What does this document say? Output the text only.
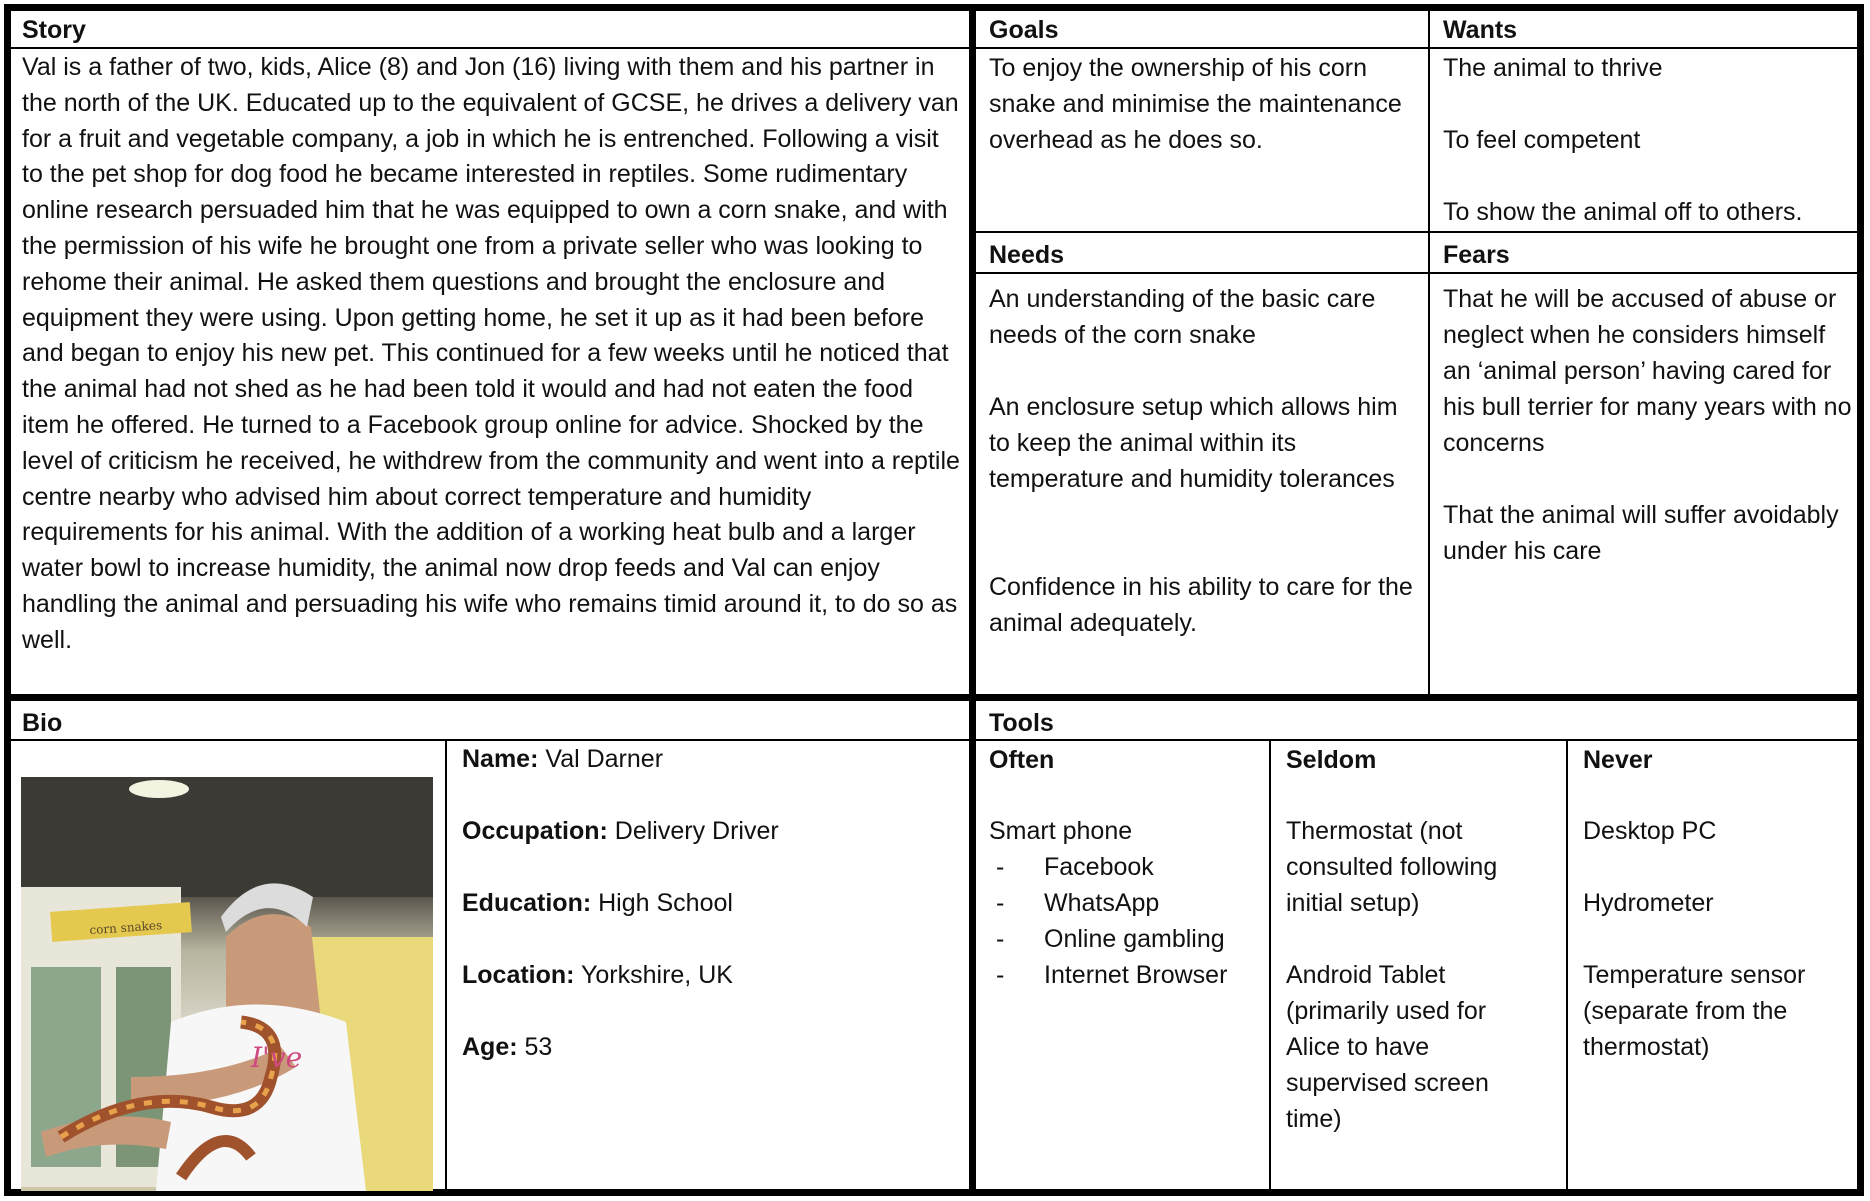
Story
Val is a father of two, kids, Alice (8) and Jon (16) living with them and his partner in the north of the UK. Educated up to the equivalent of GCSE, he drives a delivery van for a fruit and vegetable company, a job in which he is entrenched. Following a visit to the pet shop for dog food he became interested in reptiles. Some rudimentary online research persuaded him that he was equipped to own a corn snake, and with the permission of his wife he brought one from a private seller who was looking to rehome their animal. He asked them questions and brought the enclosure and equipment they were using. Upon getting home, he set it up as it had been before and began to enjoy his new pet. This continued for a few weeks until he noticed that the animal had not shed as he had been told it would and had not eaten the food item he offered. He turned to a Facebook group online for advice. Shocked by the level of criticism he received, he withdrew from the community and went into a reptile centre nearby who advised him about correct temperature and humidity requirements for his animal. With the addition of a working heat bulb and a larger water bowl to increase humidity, the animal now drop feeds and Val can enjoy handling the animal and persuading his wife who remains timid around it, to do so as well.
Goals
To enjoy the ownership of his corn snake and minimise the maintenance overhead as he does so.
Wants
The animal to thrive
To feel competent
To show the animal off to others.
Needs
An understanding of the basic care needs of the corn snake
An enclosure setup which allows him to keep the animal within its temperature and humidity tolerances
Confidence in his ability to care for the animal adequately.
Fears
That he will be accused of abuse or neglect when he considers himself an ‘animal person’ having cared for his bull terrier for many years with no concerns
That the animal will suffer avoidably under his care
Bio
corn snakes
I've
Name: Val Darner
Occupation: Delivery Driver
Education: High School
Location: Yorkshire, UK
Age: 53
Tools
Often
Smart phone
- Facebook
- WhatsApp
- Online gambling
- Internet Browser
Seldom
Thermostat (not consulted following initial setup)
Android Tablet (primarily used for Alice to have supervised screen time)
Never
Desktop PC
Hydrometer
Temperature sensor (separate from the thermostat)
